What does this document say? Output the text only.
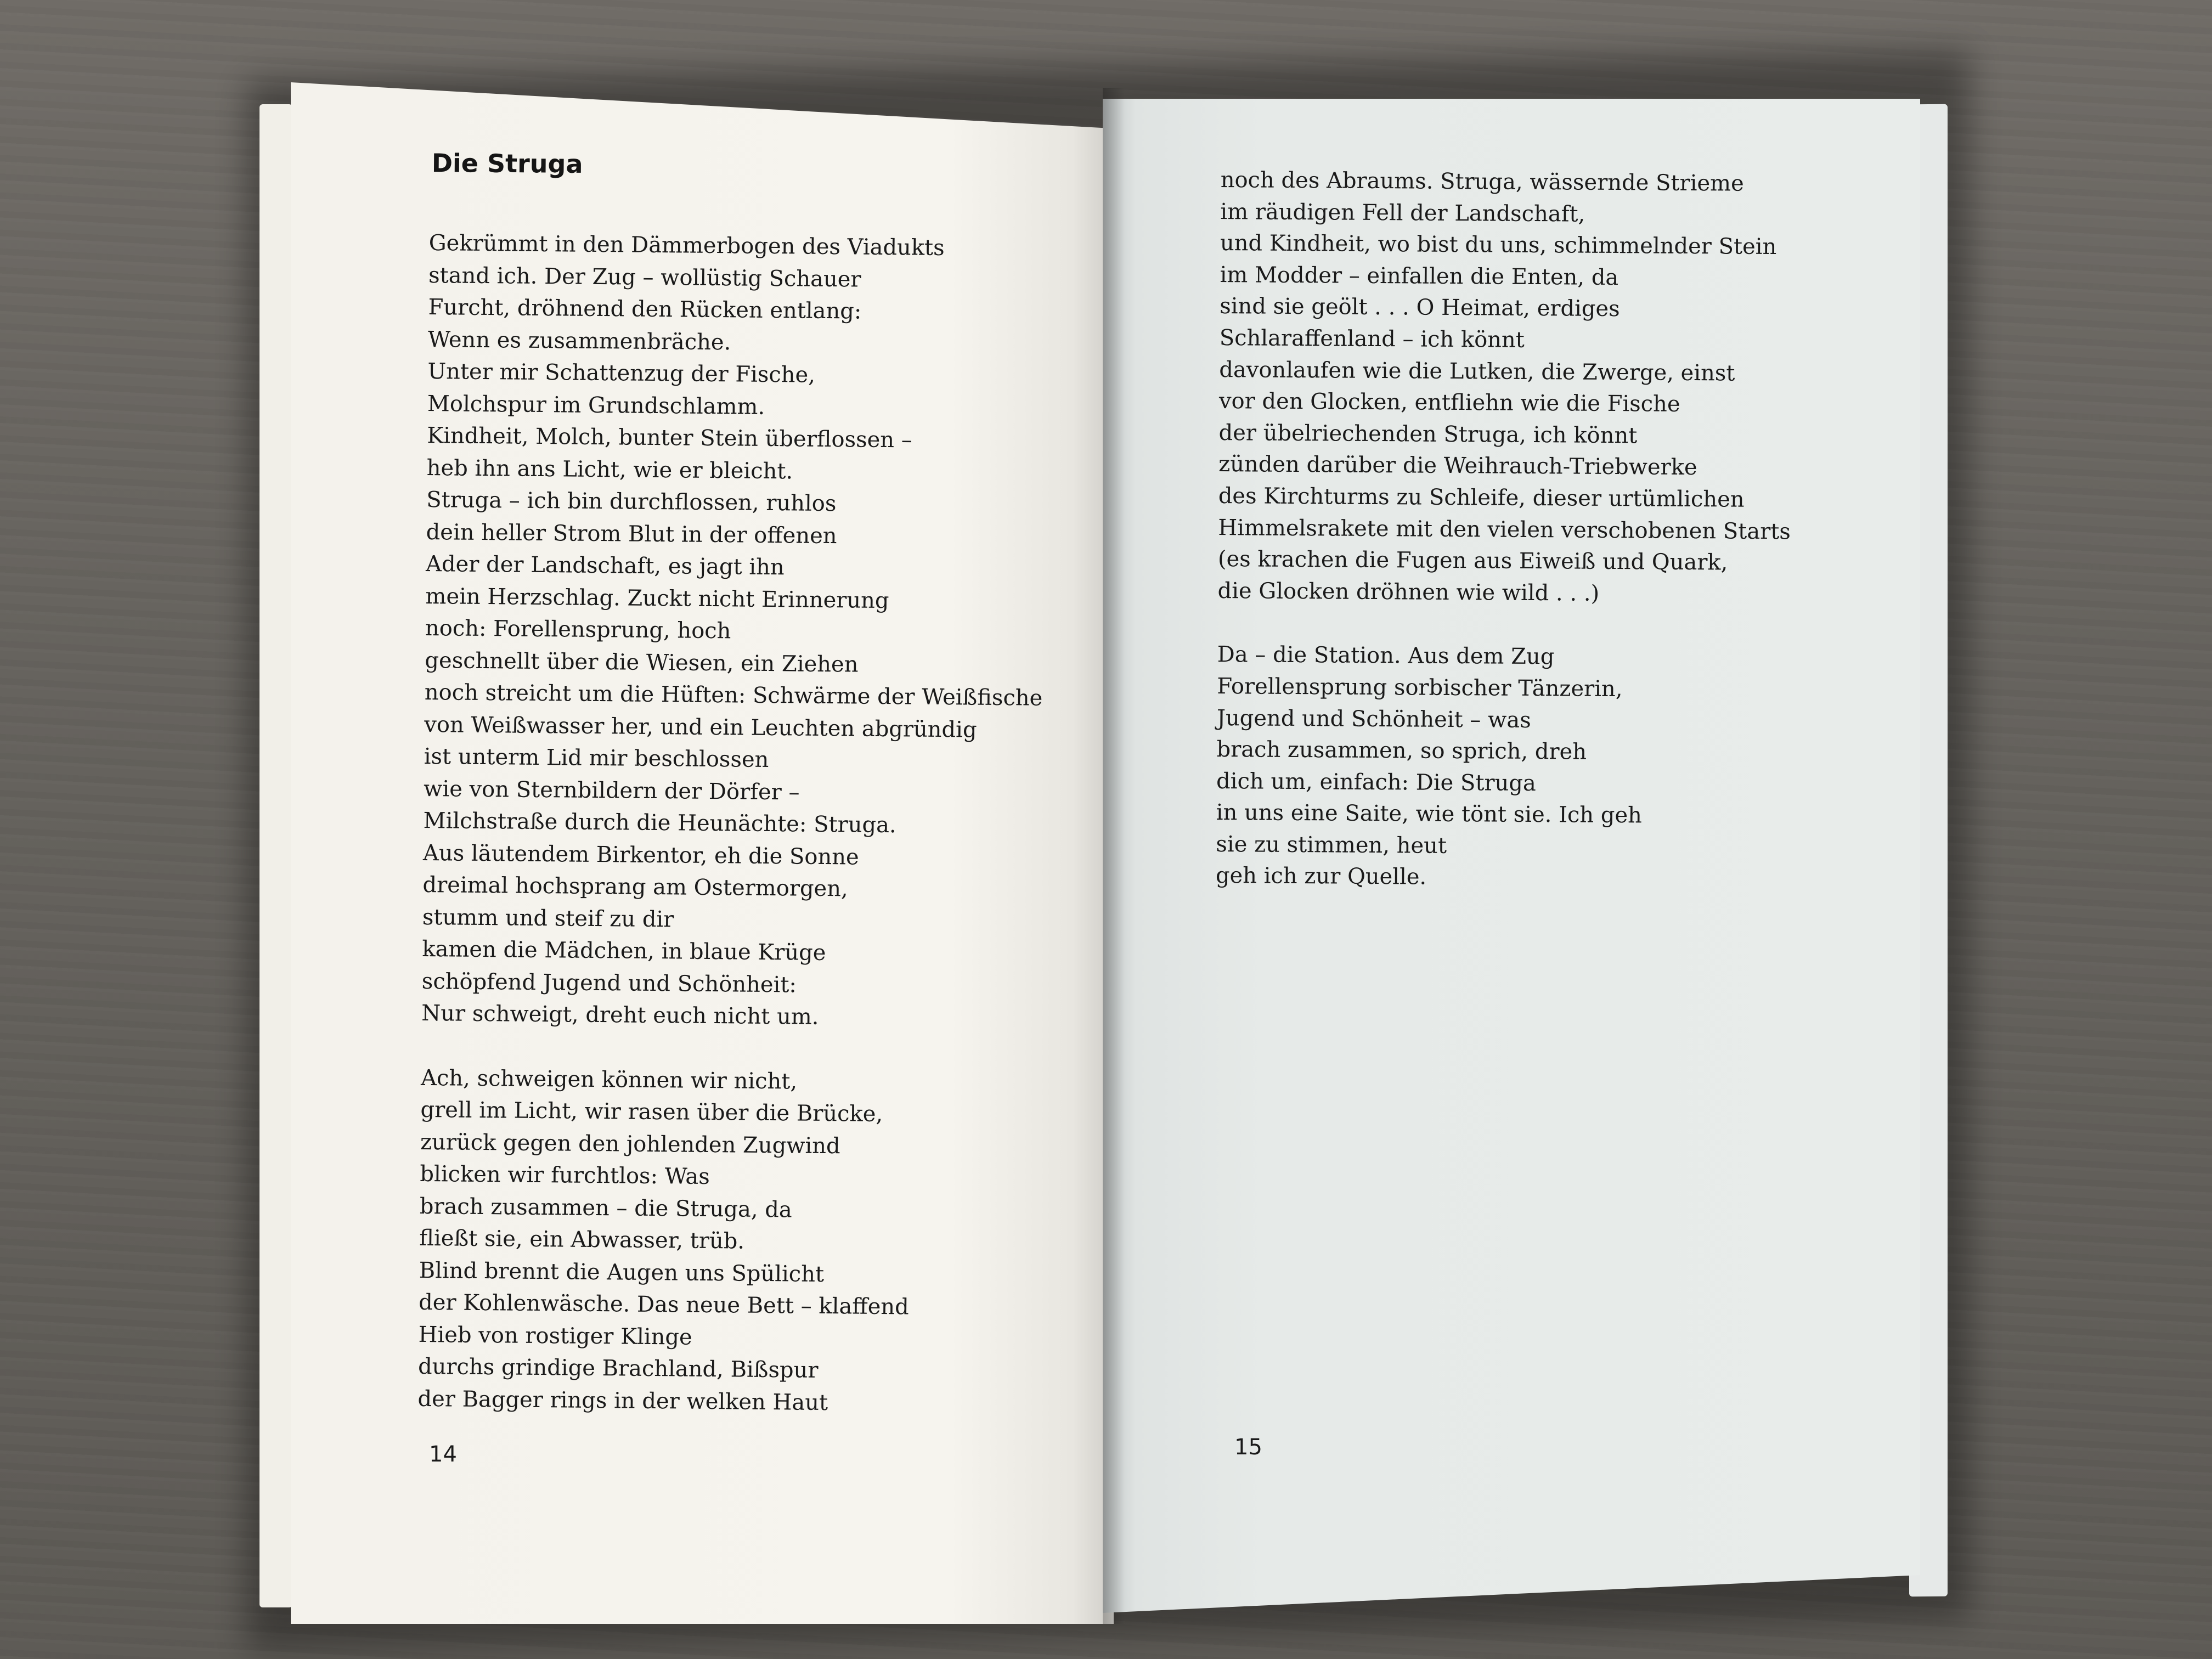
Die Struga
Gekrümmt in den Dämmerbogen des Viadukts
stand ich. Der Zug – wollüstig Schauer
Furcht, dröhnend den Rücken entlang:
Wenn es zusammenbräche.
Unter mir Schattenzug der Fische,
Molchspur im Grundschlamm.
Kindheit, Molch, bunter Stein überflossen –
heb ihn ans Licht, wie er bleicht.
Struga – ich bin durchflossen, ruhlos
dein heller Strom Blut in der offenen
Ader der Landschaft, es jagt ihn
mein Herzschlag. Zuckt nicht Erinnerung
noch: Forellensprung, hoch
geschnellt über die Wiesen, ein Ziehen
noch streicht um die Hüften: Schwärme der Weißfische
von Weißwasser her, und ein Leuchten abgründig
ist unterm Lid mir beschlossen
wie von Sternbildern der Dörfer –
Milchstraße durch die Heunächte: Struga.
Aus läutendem Birkentor, eh die Sonne
dreimal hochsprang am Ostermorgen,
stumm und steif zu dir
kamen die Mädchen, in blaue Krüge
schöpfend Jugend und Schönheit:
Nur schweigt, dreht euch nicht um.
Ach, schweigen können wir nicht,
grell im Licht, wir rasen über die Brücke,
zurück gegen den johlenden Zugwind
blicken wir furchtlos: Was
brach zusammen – die Struga, da
fließt sie, ein Abwasser, trüb.
Blind brennt die Augen uns Spülicht
der Kohlenwäsche. Das neue Bett – klaffend
Hieb von rostiger Klinge
durchs grindige Brachland, Bißspur
der Bagger rings in der welken Haut

14

noch des Abraums. Struga, wässernde Strieme
im räudigen Fell der Landschaft,
und Kindheit, wo bist du uns, schimmelnder Stein
im Modder – einfallen die Enten, da
sind sie geölt . . . O Heimat, erdiges
Schlaraffenland – ich könnt
davonlaufen wie die Lutken, die Zwerge, einst
vor den Glocken, entfliehn wie die Fische
der übelriechenden Struga, ich könnt
zünden darüber die Weihrauch-Triebwerke
des Kirchturms zu Schleife, dieser urtümlichen
Himmelsrakete mit den vielen verschobenen Starts
(es krachen die Fugen aus Eiweiß und Quark,
die Glocken dröhnen wie wild . . .)
Da – die Station. Aus dem Zug
Forellensprung sorbischer Tänzerin,
Jugend und Schönheit – was
brach zusammen, so sprich, dreh
dich um, einfach: Die Struga
in uns eine Saite, wie tönt sie. Ich geh
sie zu stimmen, heut
geh ich zur Quelle.

15
